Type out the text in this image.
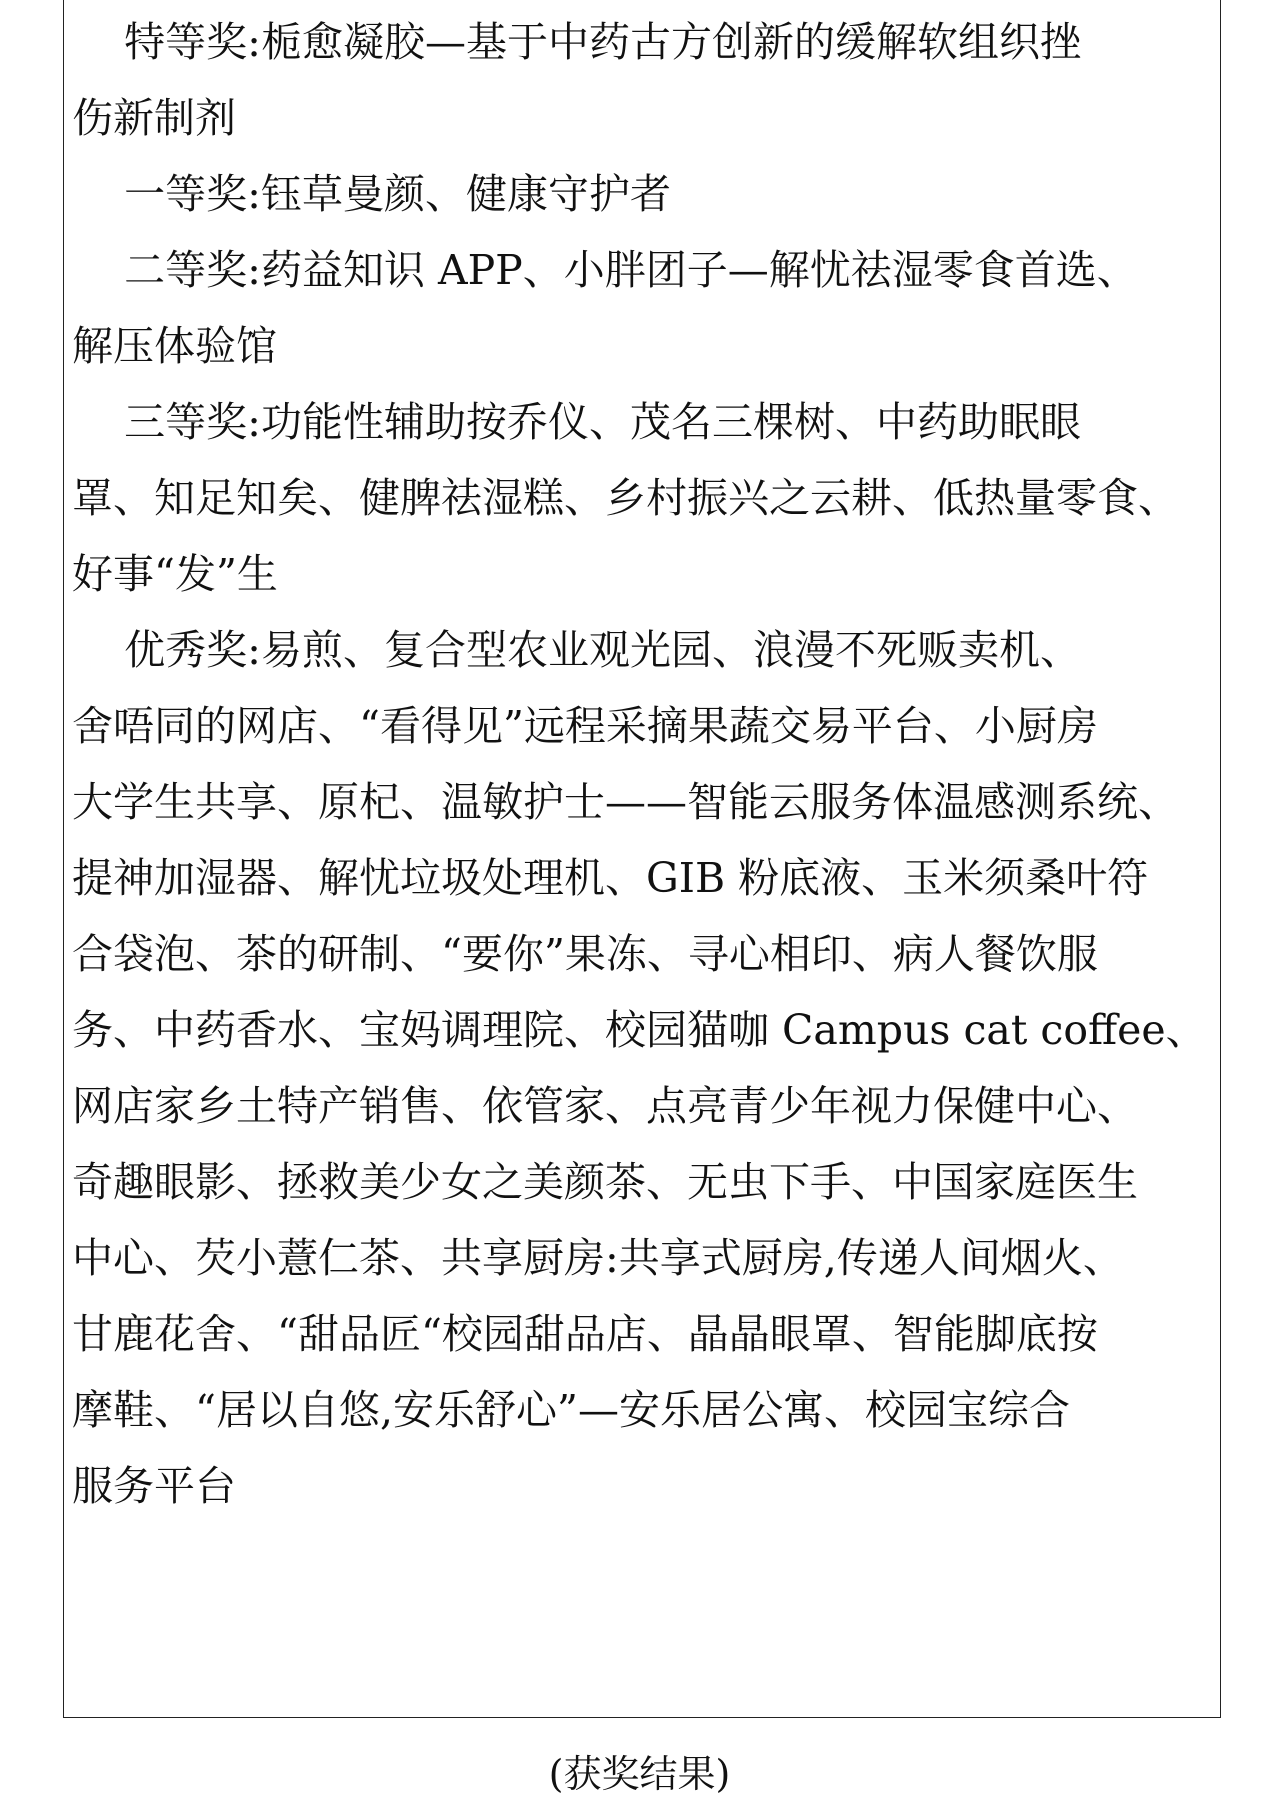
特等奖:栀愈凝胶—基于中药古方创新的缓解软组织挫
伤新制剂
一等奖:钰草曼颜、健康守护者
二等奖:药益知识 APP、小胖团子—解忧祛湿零食首选、
解压体验馆
三等奖:功能性辅助按乔仪、茂名三棵树、中药助眠眼
罩、知足知矣、健脾祛湿糕、乡村振兴之云耕、低热量零食、
好事“发”生
优秀奖:易煎、复合型农业观光园、浪漫不死贩卖机、
舍唔同的网店、“看得见”远程采摘果蔬交易平台、小厨房
大学生共享、原杞、温敏护士——智能云服务体温感测系统、
提神加湿器、解忧垃圾处理机、GIB 粉底液、玉米须桑叶符
合袋泡、茶的研制、“要你”果冻、寻心相印、病人餐饮服
务、中药香水、宝妈调理院、校园猫咖 Campus cat coffee、
网店家乡土特产销售、依管家、点亮青少年视力保健中心、
奇趣眼影、拯救美少女之美颜茶、无虫下手、中国家庭医生
中心、芡小薏仁茶、共享厨房:共享式厨房,传递人间烟火、
甘鹿花舍、“甜品匠“校园甜品店、晶晶眼罩、智能脚底按
摩鞋、“居以自悠,安乐舒心”—安乐居公寓、校园宝综合
服务平台
(获奖结果)
